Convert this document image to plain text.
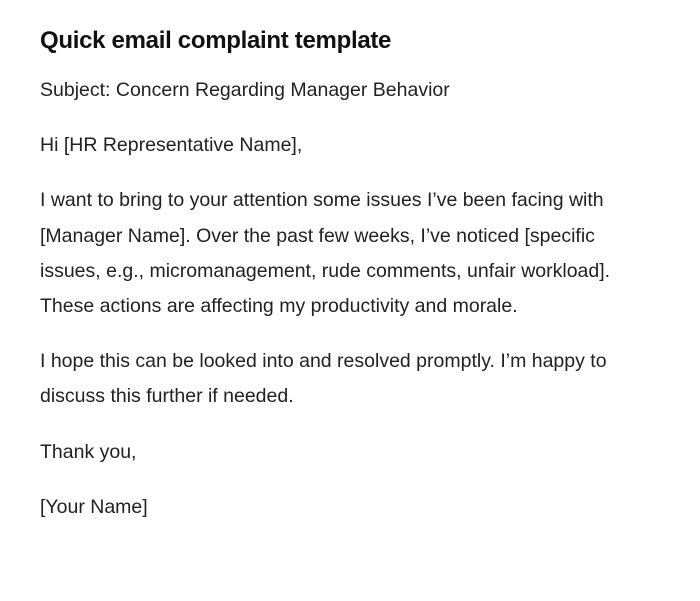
Quick email complaint template

Subject: Concern Regarding Manager Behavior

Hi [HR Representative Name],

I want to bring to your attention some issues I’ve been facing with [Manager Name]. Over the past few weeks, I’ve noticed [specific issues, e.g., micromanagement, rude comments, unfair workload]. These actions are affecting my productivity and morale.

I hope this can be looked into and resolved promptly. I’m happy to discuss this further if needed.

Thank you,

[Your Name]
